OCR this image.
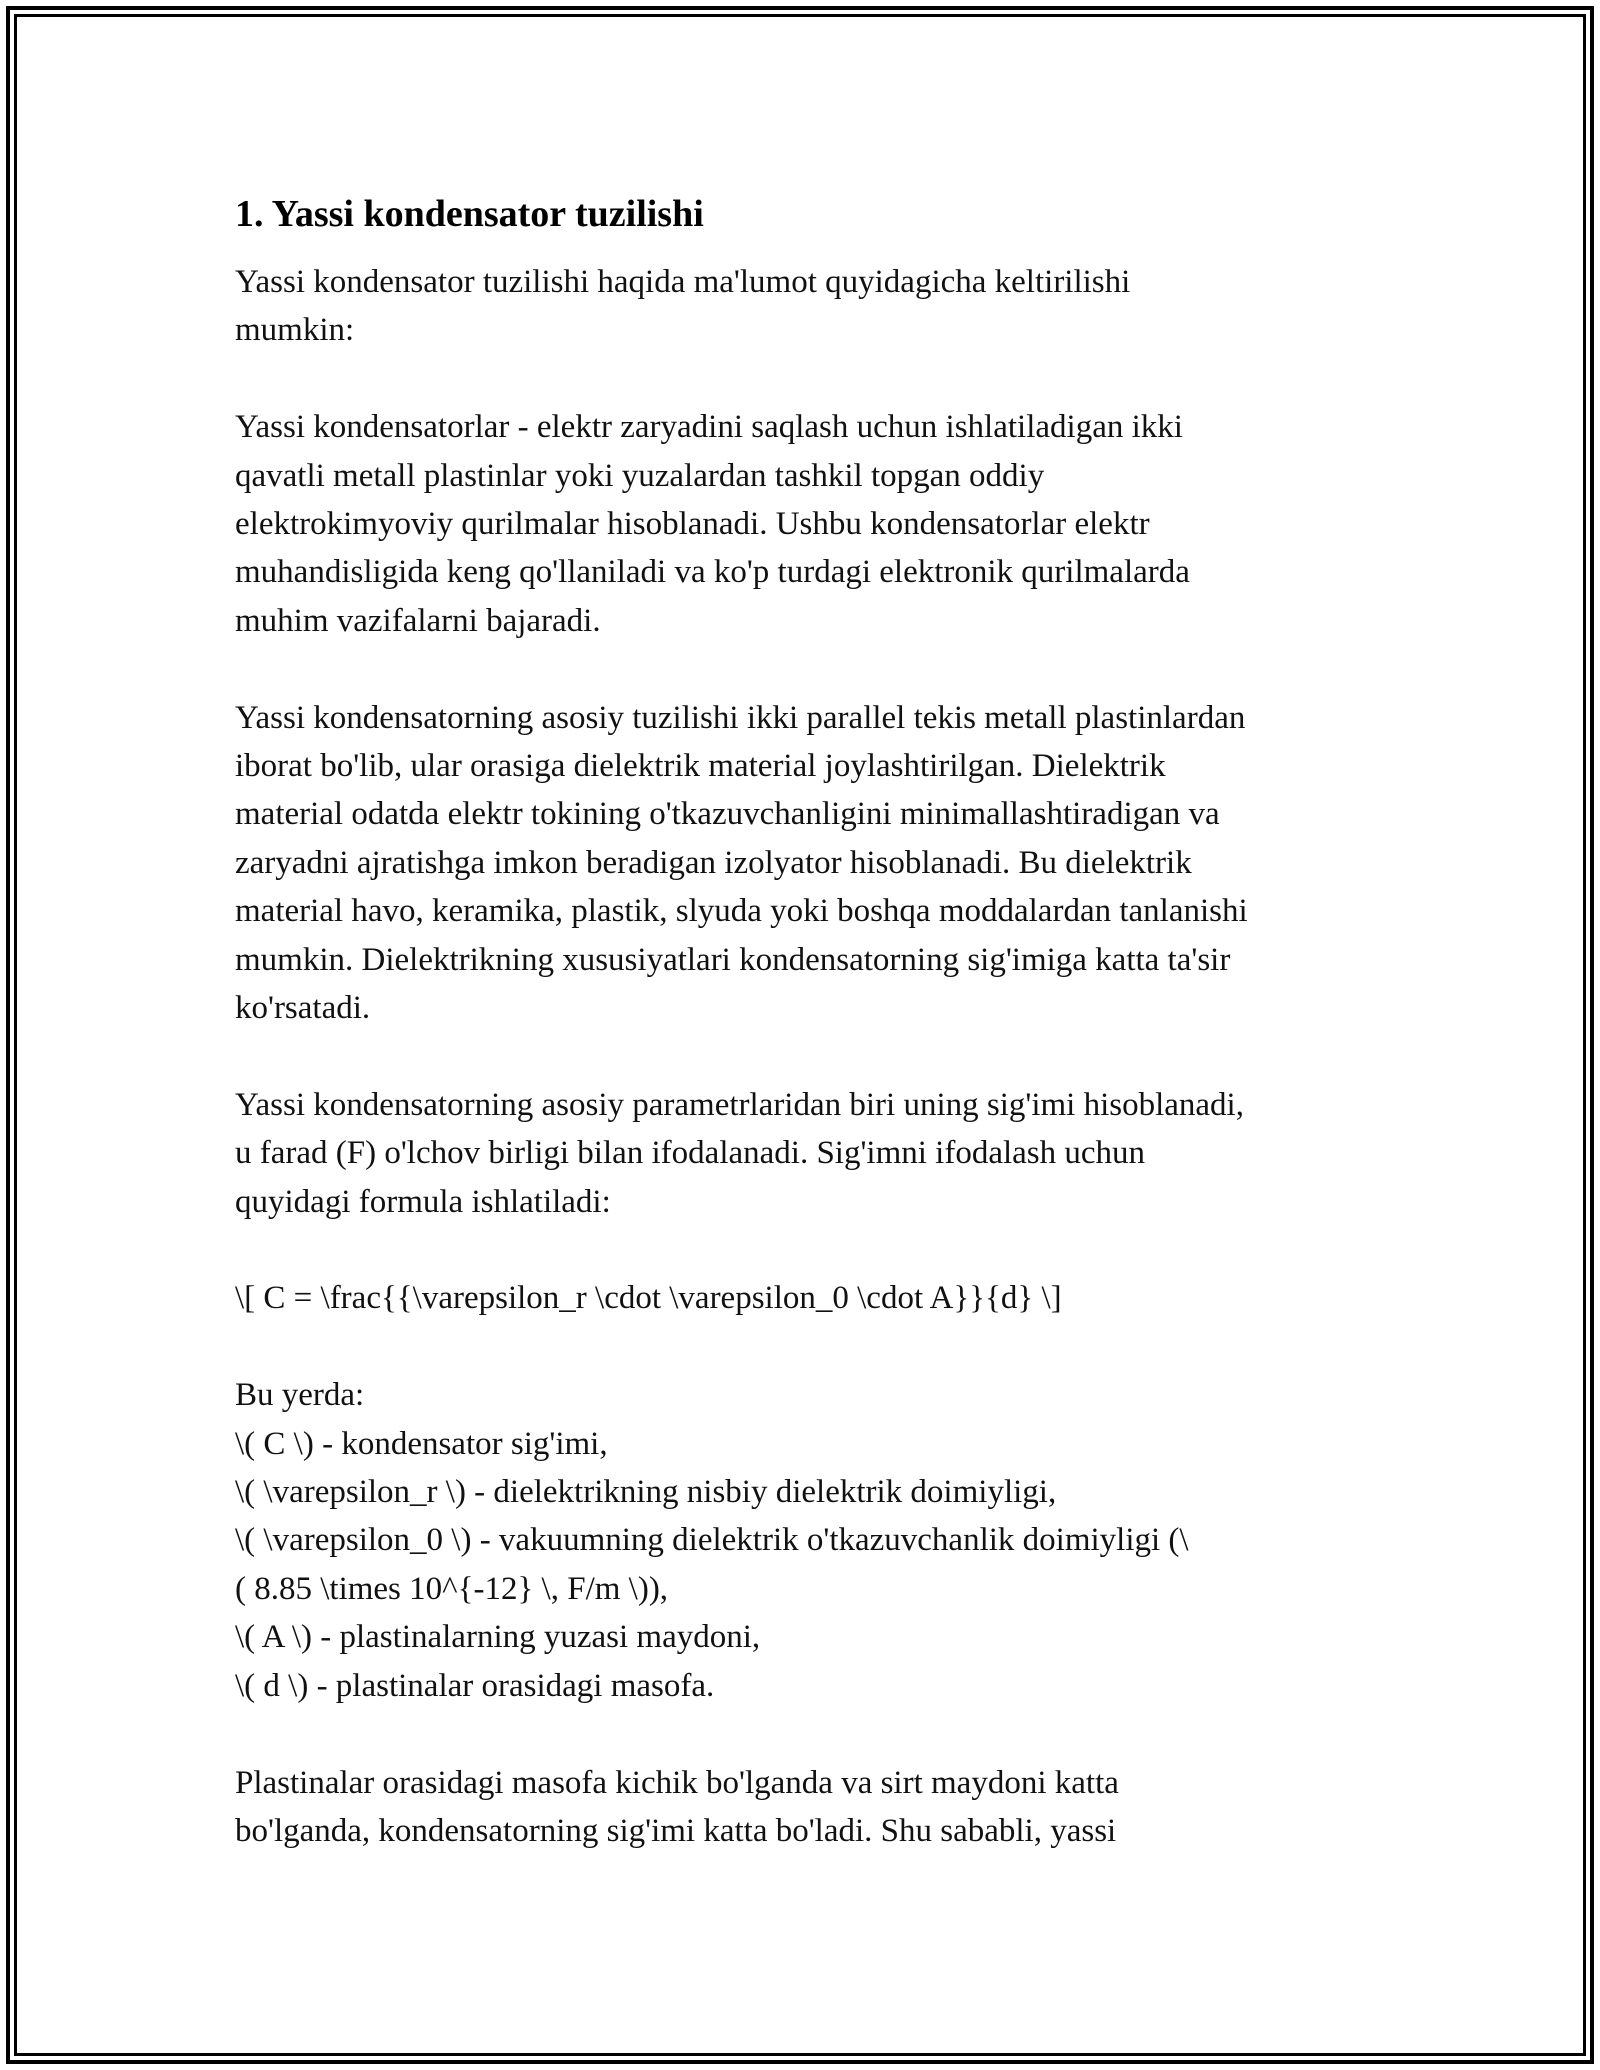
1. Yassi kondensator tuzilishi

Yassi kondensator tuzilishi haqida ma'lumot quyidagicha keltirilishi
mumkin:

Yassi kondensatorlar - elektr zaryadini saqlash uchun ishlatiladigan ikki
qavatli metall plastinlar yoki yuzalardan tashkil topgan oddiy
elektrokimyoviy qurilmalar hisoblanadi. Ushbu kondensatorlar elektr
muhandisligida keng qo'llaniladi va ko'p turdagi elektronik qurilmalarda
muhim vazifalarni bajaradi.

Yassi kondensatorning asosiy tuzilishi ikki parallel tekis metall plastinlardan
iborat bo'lib, ular orasiga dielektrik material joylashtirilgan. Dielektrik
material odatda elektr tokining o'tkazuvchanligini minimallashtiradigan va
zaryadni ajratishga imkon beradigan izolyator hisoblanadi. Bu dielektrik
material havo, keramika, plastik, slyuda yoki boshqa moddalardan tanlanishi
mumkin. Dielektrikning xususiyatlari kondensatorning sig'imiga katta ta'sir
ko'rsatadi.

Yassi kondensatorning asosiy parametrlaridan biri uning sig'imi hisoblanadi,
u farad (F) o'lchov birligi bilan ifodalanadi. Sig'imni ifodalash uchun
quyidagi formula ishlatiladi:

\[ C = \frac{{\varepsilon_r \cdot \varepsilon_0 \cdot A}}{d} \]

Bu yerda:
\( C \) - kondensator sig'imi,
\( \varepsilon_r \) - dielektrikning nisbiy dielektrik doimiyligi,
\( \varepsilon_0 \) - vakuumning dielektrik o'tkazuvchanlik doimiyligi (\
( 8.85 \times 10^{-12} \, F/m \)),
\( A \) - plastinalarning yuzasi maydoni,
\( d \) - plastinalar orasidagi masofa.

Plastinalar orasidagi masofa kichik bo'lganda va sirt maydoni katta
bo'lganda, kondensatorning sig'imi katta bo'ladi. Shu sababli, yassi
